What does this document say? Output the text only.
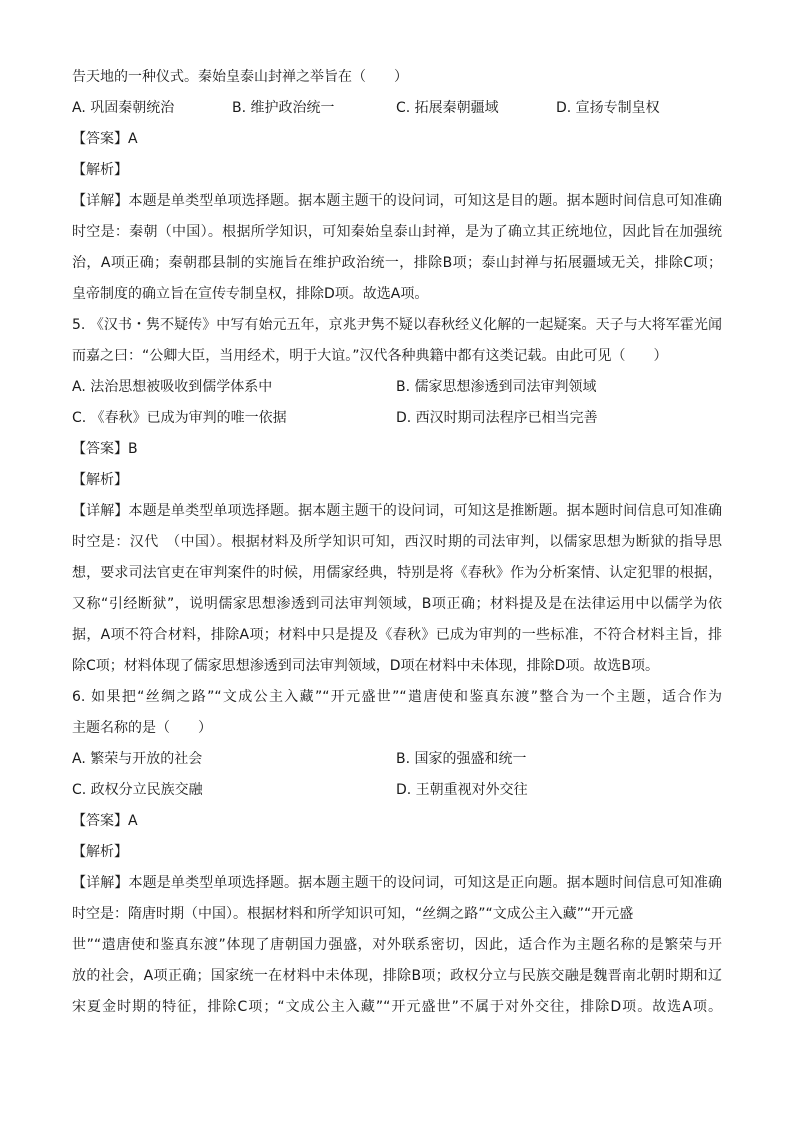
告天地的一种仪式。秦始皇泰山封禅之举旨在（　　）
A. 巩固秦朝统治	B. 维护政治统一	C. 拓展秦朝疆域	D. 宣扬专制皇权
【答案】A
【解析】
【详解】本题是单类型单项选择题。据本题主题干的设问词，可知这是目的题。据本题时间信息可知准确
时空是：秦朝（中国）。根据所学知识，可知秦始皇泰山封禅，是为了确立其正统地位，因此旨在加强统
治，A项正确；秦朝郡县制的实施旨在维护政治统一，排除B项；泰山封禅与拓展疆域无关，排除C项；
皇帝制度的确立旨在宣传专制皇权，排除D项。故选A项。
5. 《汉书・隽不疑传》中写有始元五年，京兆尹隽不疑以春秋经义化解的一起疑案。天子与大将军霍光闻
而嘉之曰：“公卿大臣，当用经术，明于大谊。”汉代各种典籍中都有这类记载。由此可见（　　）
A. 法治思想被吸收到儒学体系中	B. 儒家思想渗透到司法审判领域
C. 《春秋》已成为审判的唯一依据	D. 西汉时期司法程序已相当完善
【答案】B
【解析】
【详解】本题是单类型单项选择题。据本题主题干的设问词，可知这是推断题。据本题时间信息可知准确
时空是：汉代　（中国）。根据材料及所学知识可知，西汉时期的司法审判，以儒家思想为断狱的指导思
想，要求司法官吏在审判案件的时候，用儒家经典，特别是将《春秋》作为分析案情、认定犯罪的根据，
又称“引经断狱”，说明儒家思想渗透到司法审判领域，B项正确；材料提及是在法律运用中以儒学为依
据，A项不符合材料，排除A项；材料中只是提及《春秋》已成为审判的一些标准，不符合材料主旨，排
除C项；材料体现了儒家思想渗透到司法审判领域，D项在材料中未体现，排除D项。故选B项。
6. 如果把“丝绸之路”“文成公主入藏”“开元盛世”“遣唐使和鉴真东渡”整合为一个主题，适合作为
主题名称的是（　　）
A. 繁荣与开放的社会	B. 国家的强盛和统一
C. 政权分立民族交融	D. 王朝重视对外交往
【答案】A
【解析】
【详解】本题是单类型单项选择题。据本题主题干的设问词，可知这是正向题。据本题时间信息可知准确
时空是：隋唐时期（中国）。根据材料和所学知识可知，“丝绸之路”“文成公主入藏”“开元盛
世”“遣唐使和鉴真东渡”体现了唐朝国力强盛，对外联系密切，因此，适合作为主题名称的是繁荣与开
放的社会，A项正确；国家统一在材料中未体现，排除B项；政权分立与民族交融是魏晋南北朝时期和辽
宋夏金时期的特征，排除C项；“文成公主入藏”“开元盛世”不属于对外交往，排除D项。故选A项。
